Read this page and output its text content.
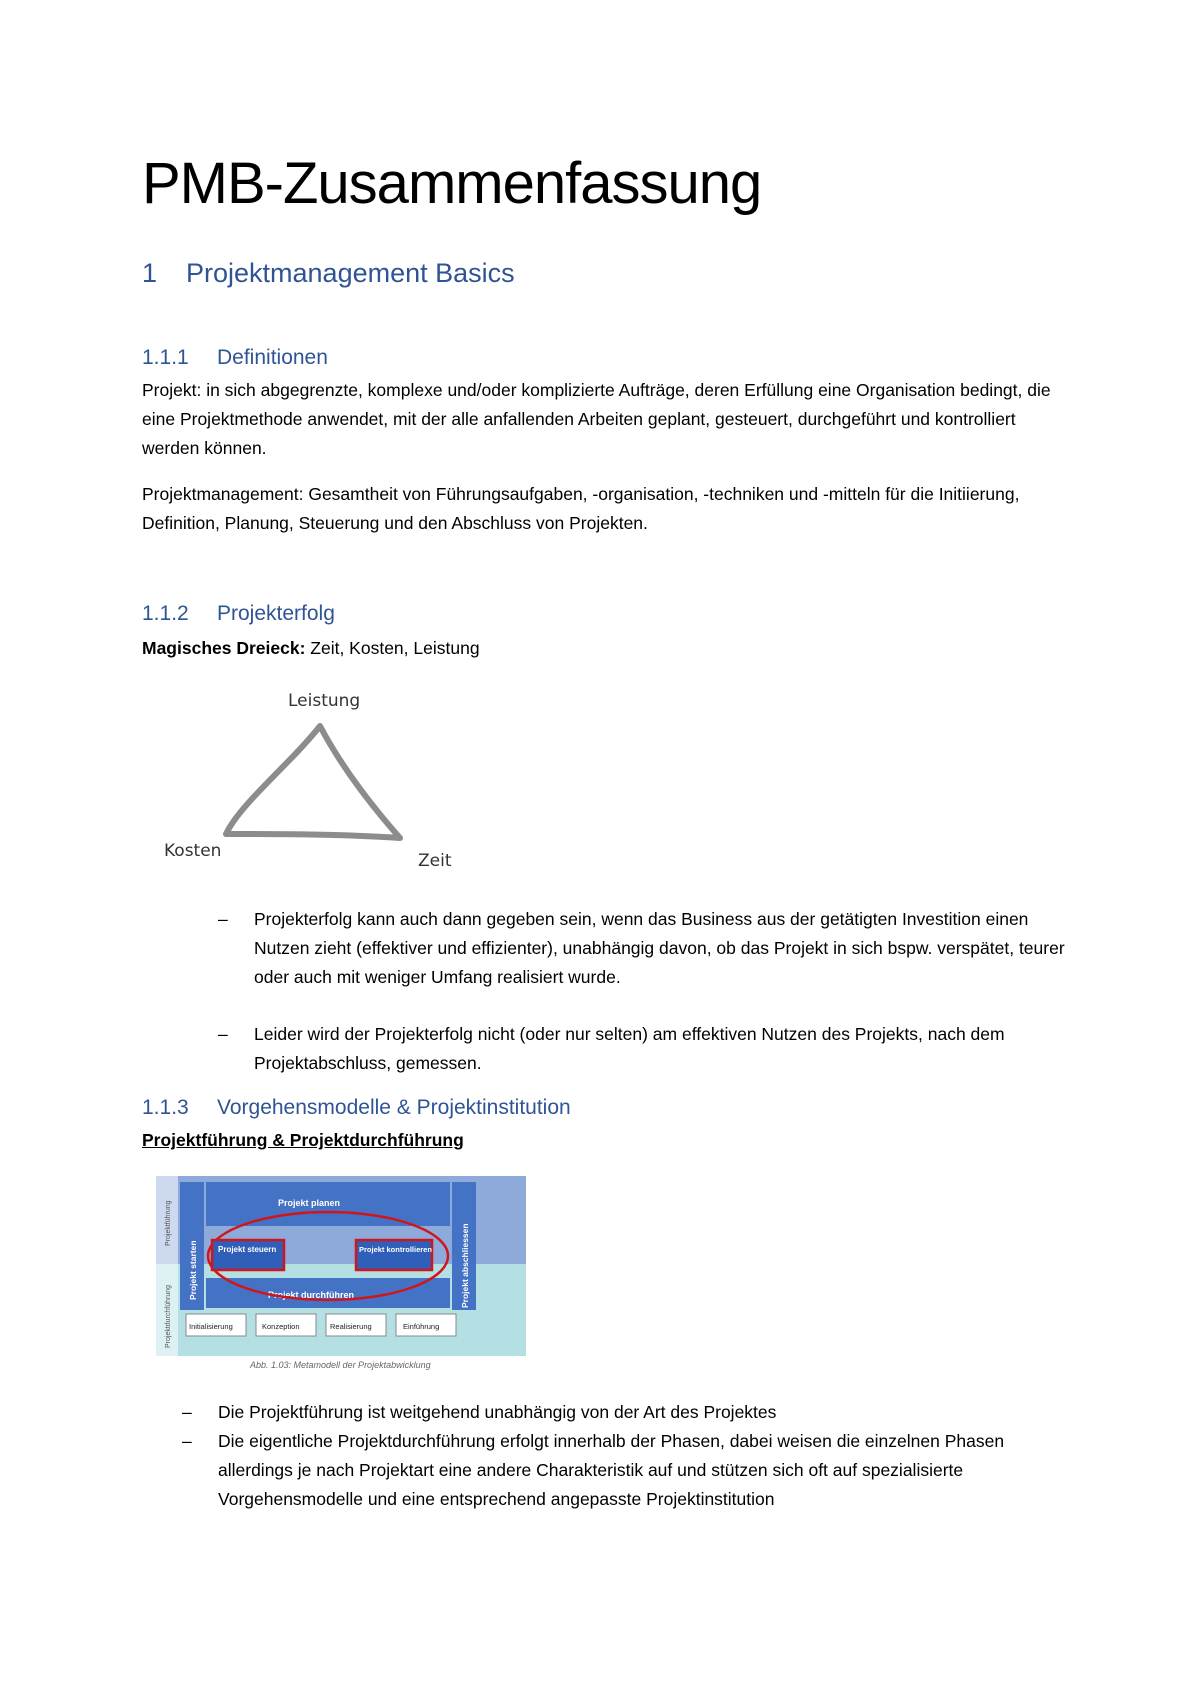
PMB-Zusammenfassung
1 Projektmanagement Basics
1.1.1 Definitionen

Projekt: in sich abgegrenzte, komplexe und/oder komplizierte Aufträge, deren Erfüllung eine Organisation bedingt, die eine Projektmethode anwendet, mit der alle anfallenden Arbeiten geplant, gesteuert, durchgeführt und kontrolliert werden können.

Projektmanagement: Gesamtheit von Führungsaufgaben, -organisation, -techniken und -mitteln für die Initiierung, Definition, Planung, Steuerung und den Abschluss von Projekten.

1.1.2 Projekterfolg

Magisches Dreieck: Zeit, Kosten, Leistung

Leistung
Kosten	Zeit
– Projekterfolg kann auch dann gegeben sein, wenn das Business aus der getätigten Investition einen Nutzen zieht (effektiver und effizienter), unabhängig davon, ob das Projekt in sich bspw. verspätet, teurer oder auch mit weniger Umfang realisiert wurde.
– Leider wird der Projekterfolg nicht (oder nur selten) am effektiven Nutzen des Projekts, nach dem Projektabschluss, gemessen.
1.1.3 Vorgehensmodelle & Projektinstitution

Projektführung & Projektdurchführung

Projektführung
Projektdurchführung
Projekt starten	Projekt abschliessen
Projekt planen
Projekt durchführen
Projekt steuern	Projekt kontrollieren
Initialisierung	Konzeption	Realisierung	Einführung
Abb. 1.03: Metamodell der Projektabwicklung
– Die Projektführung ist weitgehend unabhängig von der Art des Projektes
– Die eigentliche Projektdurchführung erfolgt innerhalb der Phasen, dabei weisen die einzelnen Phasen allerdings je nach Projektart eine andere Charakteristik auf und stützen sich oft auf spezialisierte Vorgehensmodelle und eine entsprechend angepasste Projektinstitution
